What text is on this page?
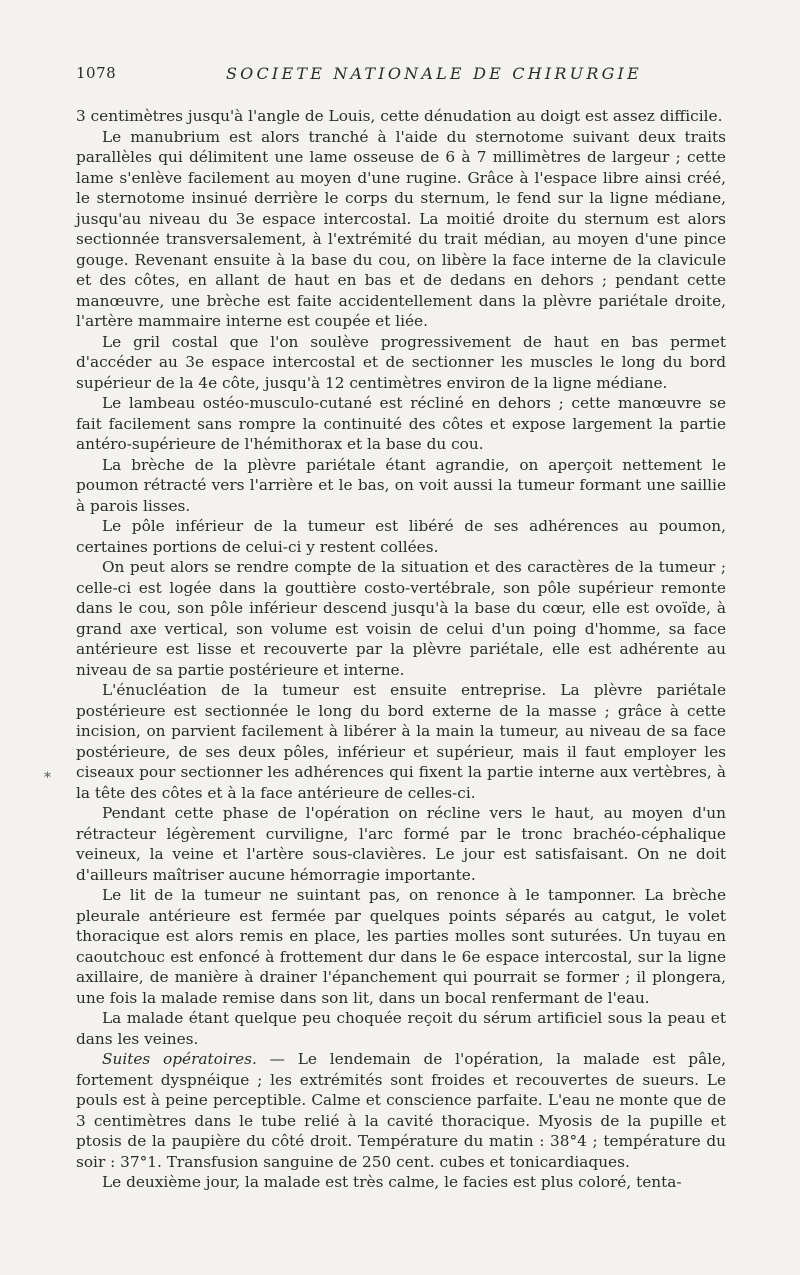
1078	SOCIETE NATIONALE DE CHIRURGIE

3 centimètres jusqu'à l'angle de Louis, cette dénudation au doigt est assez difficile.

Le manubrium est alors tranché à l'aide du sternotome suivant deux traits parallèles qui délimitent une lame osseuse de 6 à 7 millimètres de largeur ; cette lame s'enlève facilement au moyen d'une rugine. Grâce à l'espace libre ainsi créé, le sternotome insinué derrière le corps du sternum, le fend sur la ligne médiane, jusqu'au niveau du 3e espace intercostal. La moitié droite du sternum est alors sectionnée transversalement, à l'extrémité du trait médian, au moyen d'une pince gouge. Revenant ensuite à la base du cou, on libère la face interne de la clavicule et des côtes, en allant de haut en bas et de dedans en dehors ; pendant cette manœuvre, une brèche est faite accidentellement dans la plèvre pariétale droite, l'artère mammaire interne est coupée et liée.

Le gril costal que l'on soulève progressivement de haut en bas permet d'accéder au 3e espace intercostal et de sectionner les muscles le long du bord supérieur de la 4e côte, jusqu'à 12 centimètres environ de la ligne médiane.

Le lambeau ostéo-musculo-cutané est récliné en dehors ; cette manœuvre se fait facilement sans rompre la continuité des côtes et expose largement la partie antéro-supérieure de l'hémithorax et la base du cou.

La brèche de la plèvre pariétale étant agrandie, on aperçoit nettement le poumon rétracté vers l'arrière et le bas, on voit aussi la tumeur formant une saillie à parois lisses.

Le pôle inférieur de la tumeur est libéré de ses adhérences au poumon, certaines portions de celui-ci y restent collées.

On peut alors se rendre compte de la situation et des caractères de la tumeur ; celle-ci est logée dans la gouttière costo-vertébrale, son pôle supérieur remonte dans le cou, son pôle inférieur descend jusqu'à la base du cœur, elle est ovoïde, à grand axe vertical, son volume est voisin de celui d'un poing d'homme, sa face antérieure est lisse et recouverte par la plèvre pariétale, elle est adhérente au niveau de sa partie postérieure et interne.

L'énucléation de la tumeur est ensuite entreprise. La plèvre pariétale postérieure est sectionnée le long du bord externe de la masse ; grâce à cette incision, on parvient facilement à libérer à la main la tumeur, au niveau de sa face postérieure, de ses deux pôles, inférieur et supérieur, mais il faut employer les ciseaux pour sectionner les adhérences qui fixent la partie interne aux vertèbres, à la tête des côtes et à la face antérieure de celles-ci.

Pendant cette phase de l'opération on récline vers le haut, au moyen d'un rétracteur légèrement curviligne, l'arc formé par le tronc brachéo-céphalique veineux, la veine et l'artère sous-clavières. Le jour est satisfaisant. On ne doit d'ailleurs maîtriser aucune hémorragie importante.

Le lit de la tumeur ne suintant pas, on renonce à le tamponner. La brèche pleurale antérieure est fermée par quelques points séparés au catgut, le volet thoracique est alors remis en place, les parties molles sont suturées. Un tuyau en caoutchouc est enfoncé à frottement dur dans le 6e espace intercostal, sur la ligne axillaire, de manière à drainer l'épanchement qui pourrait se former ; il plongera, une fois la malade remise dans son lit, dans un bocal renfermant de l'eau.

La malade étant quelque peu choquée reçoit du sérum artificiel sous la peau et dans les veines.

Suites opératoires. — Le lendemain de l'opération, la malade est pâle, fortement dyspnéique ; les extrémités sont froides et recouvertes de sueurs. Le pouls est à peine perceptible. Calme et conscience parfaite. L'eau ne monte que de 3 centimètres dans le tube relié à la cavité thoracique. Myosis de la pupille et ptosis de la paupière du côté droit. Température du matin : 38°4 ; température du soir : 37°1. Transfusion sanguine de 250 cent. cubes et tonicardiaques.

Le deuxième jour, la malade est très calme, le facies est plus coloré, tenta-

*
